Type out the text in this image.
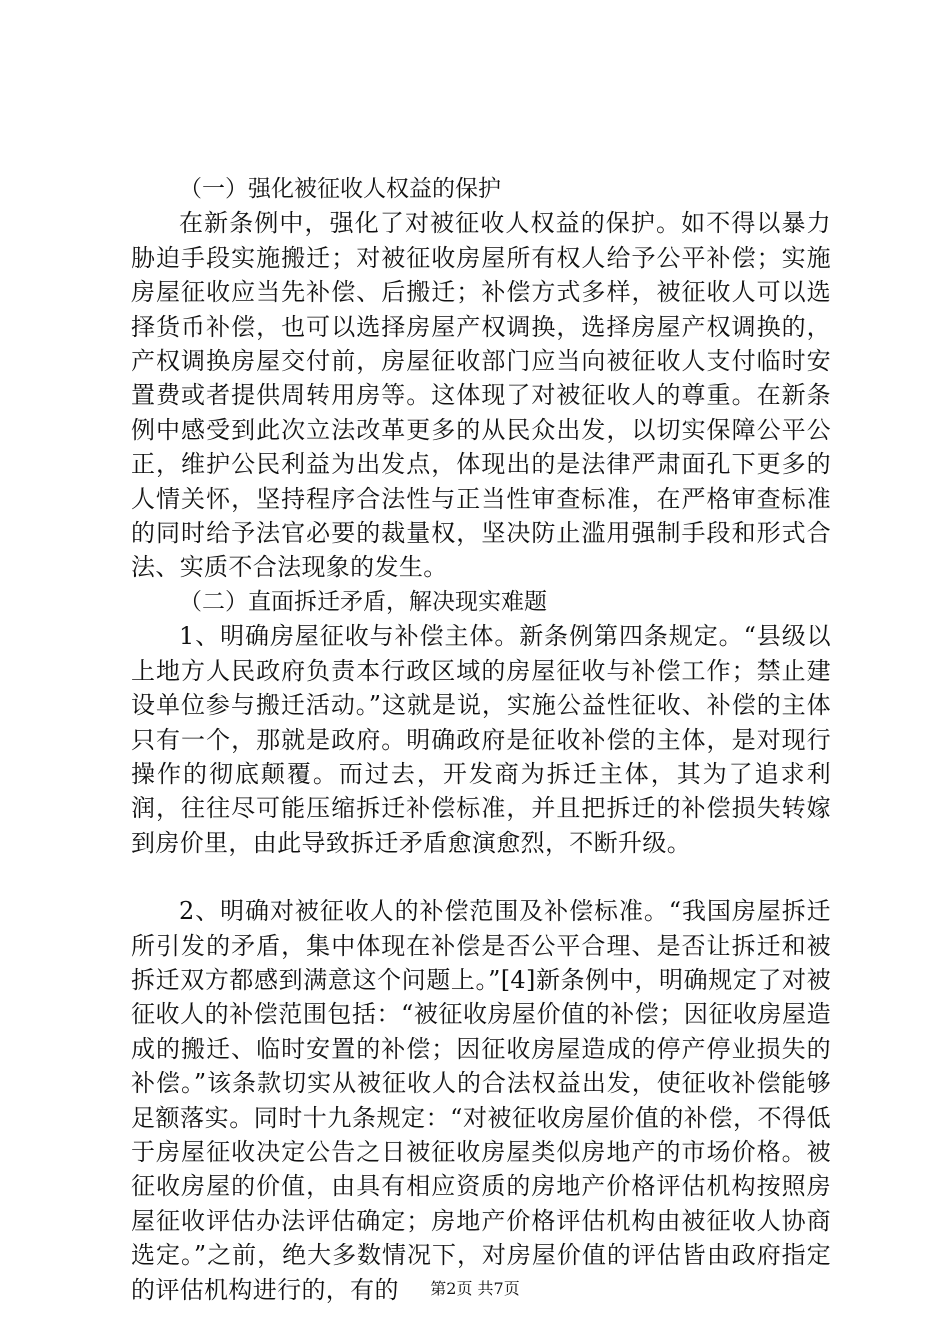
（一）强化被征收人权益的保护

在新条例中，强化了对被征收人权益的保护。如不得以暴力胁迫手段实施搬迁；对被征收房屋所有权人给予公平补偿；实施房屋征收应当先补偿、后搬迁；补偿方式多样，被征收人可以选择货币补偿，也可以选择房屋产权调换，选择房屋产权调换的，产权调换房屋交付前，房屋征收部门应当向被征收人支付临时安置费或者提供周转用房等。这体现了对被征收人的尊重。在新条例中感受到此次立法改革更多的从民众出发，以切实保障公平公正，维护公民利益为出发点，体现出的是法律严肃面孔下更多的人情关怀，坚持程序合法性与正当性审查标准，在严格审查标准的同时给予法官必要的裁量权，坚决防止滥用强制手段和形式合法、实质不合法现象的发生。

（二）直面拆迁矛盾，解决现实难题

1、明确房屋征收与补偿主体。新条例第四条规定。“县级以上地方人民政府负责本行政区域的房屋征收与补偿工作；禁止建设单位参与搬迁活动。”这就是说，实施公益性征收、补偿的主体只有一个，那就是政府。明确政府是征收补偿的主体，是对现行操作的彻底颠覆。而过去，开发商为拆迁主体，其为了追求利润，往往尽可能压缩拆迁补偿标准，并且把拆迁的补偿损失转嫁到房价里，由此导致拆迁矛盾愈演愈烈，不断升级。

2、明确对被征收人的补偿范围及补偿标准。“我国房屋拆迁所引发的矛盾，集中体现在补偿是否公平合理、是否让拆迁和被拆迁双方都感到满意这个问题上。”[4]新条例中，明确规定了对被征收人的补偿范围包括：“被征收房屋价值的补偿；因征收房屋造成的搬迁、临时安置的补偿；因征收房屋造成的停产停业损失的补偿。”该条款切实从被征收人的合法权益出发，使征收补偿能够足额落实。同时十九条规定：“对被征收房屋价值的补偿，不得低于房屋征收决定公告之日被征收房屋类似房地产的市场价格。被征收房屋的价值，由具有相应资质的房地产价格评估机构按照房屋征收评估办法评估确定；房地产价格评估机构由被征收人协商选定。”之前，绝大多数情况下，对房屋价值的评估皆由政府指定的评估机构进行的，有的	第2页 共7页
